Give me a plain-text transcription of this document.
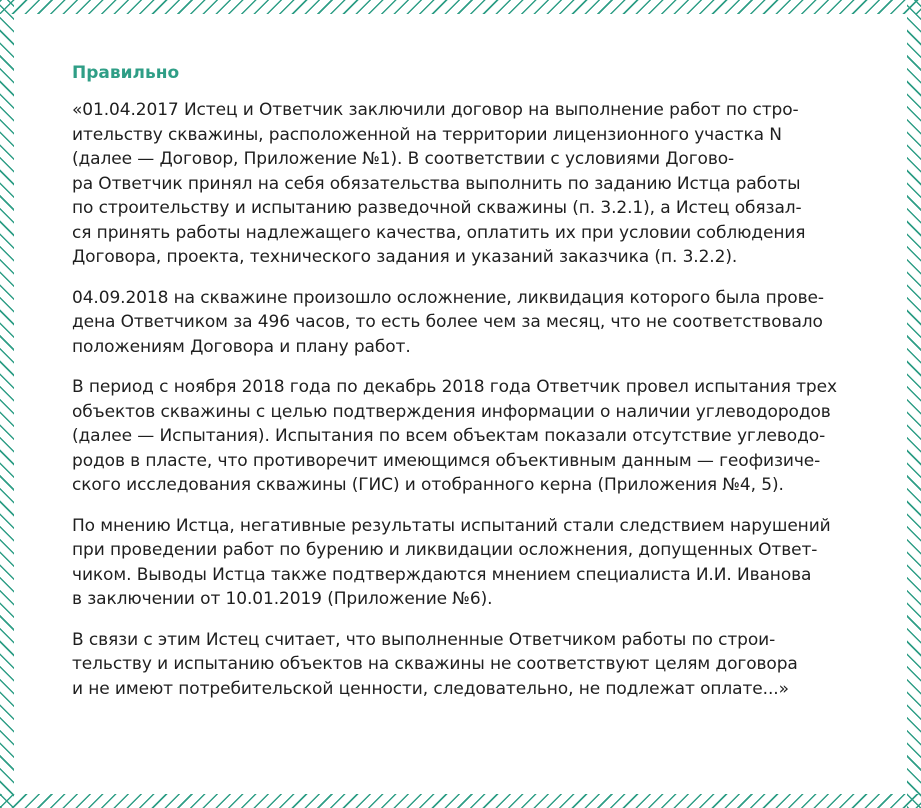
Правильно

«01.04.2017 Истец и Ответчик заключили договор на выполнение работ по стро-
ительству скважины, расположенной на территории лицензионного участка N
(далее — Договор, Приложение №1). В соответствии с условиями Догово-
ра Ответчик принял на себя обязательства выполнить по заданию Истца работы
по строительству и испытанию разведочной скважины (п. 3.2.1), а Истец обязал-
ся принять работы надлежащего качества, оплатить их при условии соблюдения
Договора, проекта, технического задания и указаний заказчика (п. 3.2.2).

04.09.2018 на скважине произошло осложнение, ликвидация которого была прове-
дена Ответчиком за 496 часов, то есть более чем за месяц, что не соответствовало
положениям Договора и плану работ.

В период с ноября 2018 года по декабрь 2018 года Ответчик провел испытания трех
объектов скважины с целью подтверждения информации о наличии углеводородов
(далее — Испытания). Испытания по всем объектам показали отсутствие углеводо-
родов в пласте, что противоречит имеющимся объективным данным — геофизиче-
ского исследования скважины (ГИС) и отобранного керна (Приложения №4, 5).

По мнению Истца, негативные результаты испытаний стали следствием нарушений
при проведении работ по бурению и ликвидации осложнения, допущенных Ответ-
чиком. Выводы Истца также подтверждаются мнением специалиста И.И. Иванова
в заключении от 10.01.2019 (Приложение №6).

В связи с этим Истец считает, что выполненные Ответчиком работы по строи-
тельству и испытанию объектов на скважины не соответствуют целям договора
и не имеют потребительской ценности, следовательно, не подлежат оплате...»
